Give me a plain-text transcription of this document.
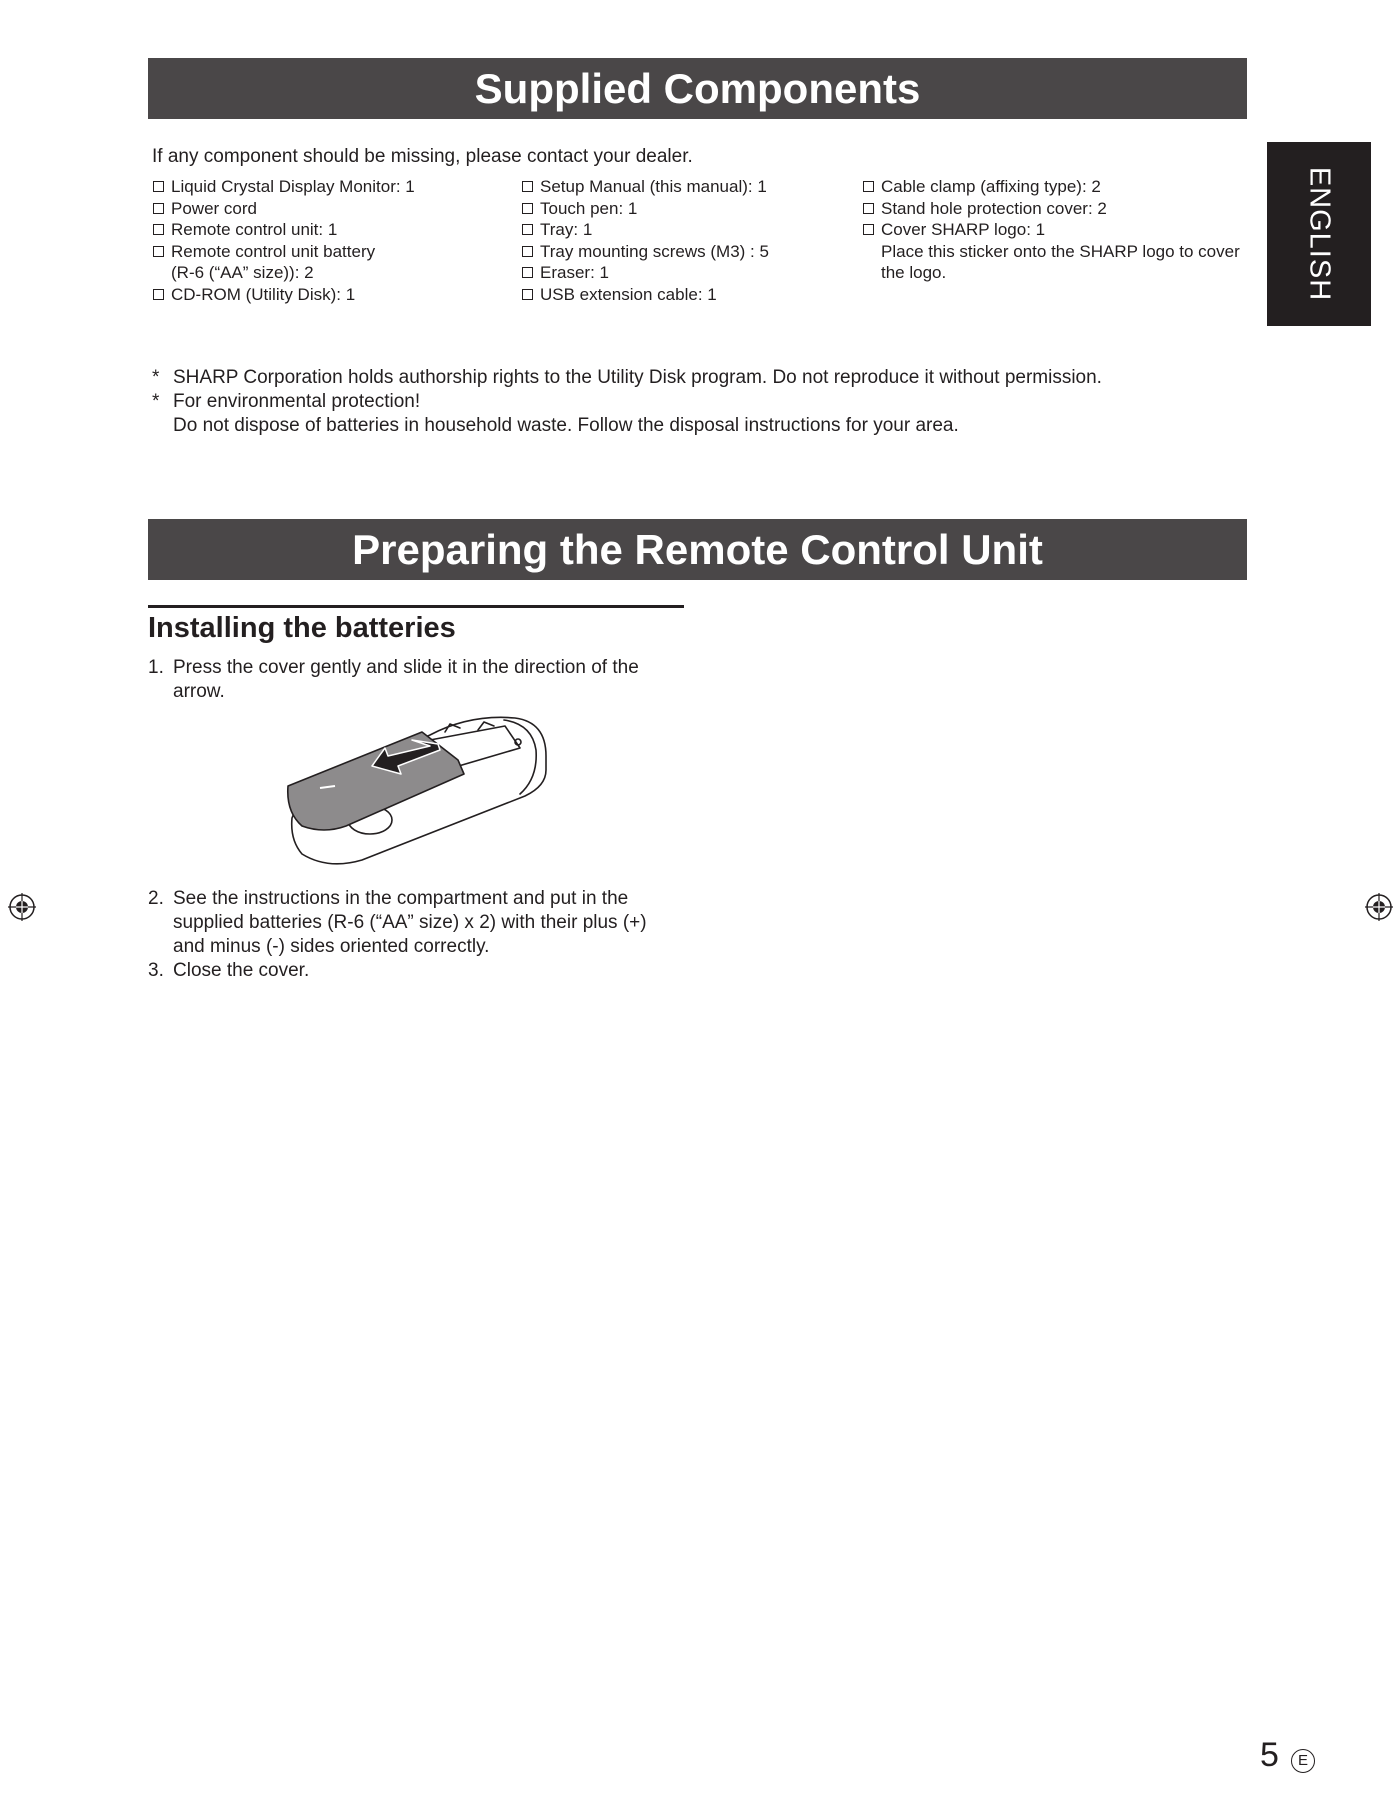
Supplied Components
ENGLISH
If any component should be missing, please contact your dealer.
Liquid Crystal Display Monitor: 1
Power cord
Remote control unit: 1
Remote control unit battery
(R-6 (“AA” size)): 2
CD-ROM (Utility Disk): 1
Setup Manual (this manual): 1
Touch pen: 1
Tray: 1
Tray mounting screws (M3) : 5
Eraser: 1
USB extension cable: 1
Cable clamp (affixing type): 2
Stand hole protection cover: 2
Cover SHARP logo: 1
Place this sticker onto the SHARP logo to cover the logo.
* SHARP Corporation holds authorship rights to the Utility Disk program. Do not reproduce it without permission.
* For environmental protection!
Do not dispose of batteries in household waste. Follow the disposal instructions for your area.
Preparing the Remote Control Unit
Installing the batteries
1. Press the cover gently and slide it in the direction of the arrow.
2. See the instructions in the compartment and put in the supplied batteries (R-6 (“AA” size) x 2) with their plus (+) and minus (-) sides oriented correctly.
3. Close the cover.
5	E
